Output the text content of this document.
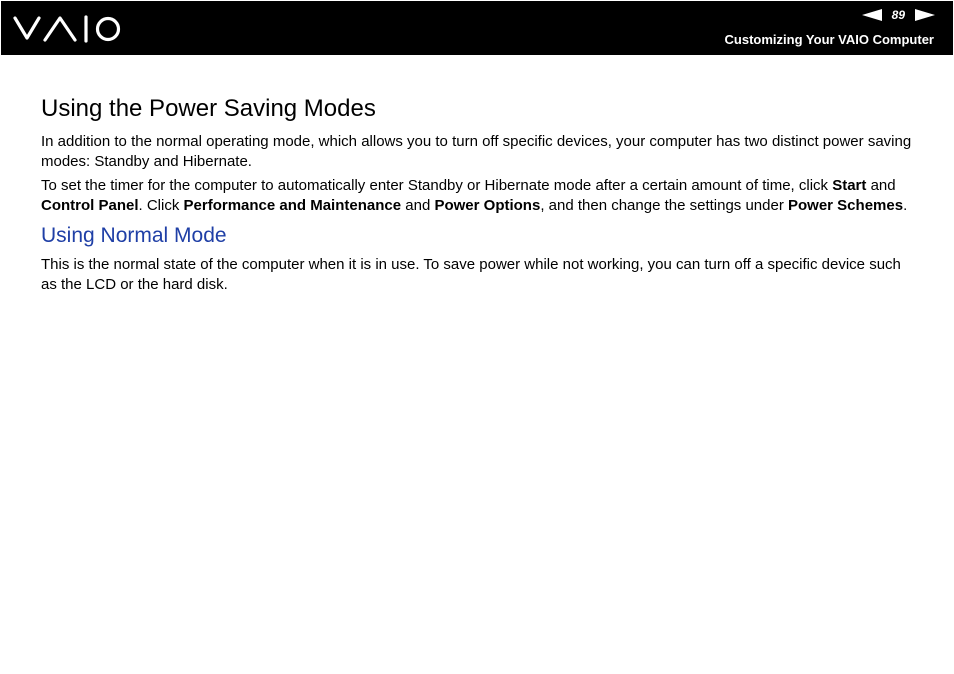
89
Customizing Your VAIO Computer
Using the Power Saving Modes

In addition to the normal operating mode, which allows you to turn off specific devices, your computer has two distinct power saving modes: Standby and Hibernate.

To set the timer for the computer to automatically enter Standby or Hibernate mode after a certain amount of time, click Start and Control Panel. Click Performance and Maintenance and Power Options, and then change the settings under Power Schemes.

Using Normal Mode

This is the normal state of the computer when it is in use. To save power while not working, you can turn off a specific device such as the LCD or the hard disk.
